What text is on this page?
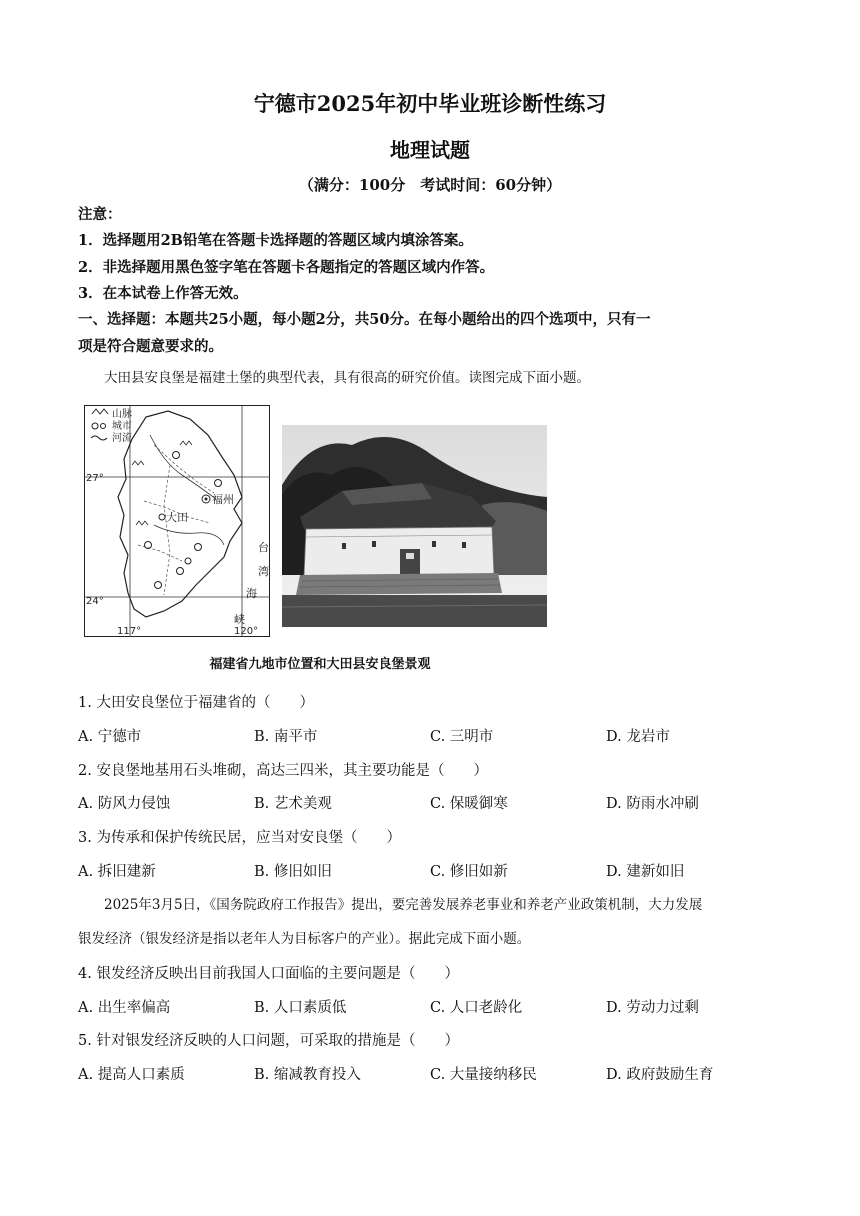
宁德市2025年初中毕业班诊断性练习
地理试题
（满分：100分　考试时间：60分钟）
注意：
1．选择题用2B铅笔在答题卡选择题的答题区域内填涂答案。
2．非选择题用黑色签字笔在答题卡各题指定的答题区域内作答。
3．在本试卷上作答无效。
一、选择题：本题共25小题，每小题2分，共50分。在每小题给出的四个选项中，只有一
项是符合题意要求的。
大田县安良堡是福建土堡的典型代表，具有很高的研究价值。读图完成下面小题。
山脉
城市
河流
27°
24°
117°	120°
福州
大田
台
湾
海
峡
福建省九地市位置和大田县安良堡景观
1. 大田安良堡位于福建省的（　　）
A. 宁德市	B. 南平市	C. 三明市	D. 龙岩市
2. 安良堡地基用石头堆砌，高达三四米，其主要功能是（　　）
A. 防风力侵蚀	B. 艺术美观	C. 保暖御寒	D. 防雨水冲刷
3. 为传承和保护传统民居，应当对安良堡（　　）
A. 拆旧建新	B. 修旧如旧	C. 修旧如新	D. 建新如旧
2025年3月5日，《国务院政府工作报告》提出，要完善发展养老事业和养老产业政策机制，大力发展
银发经济（银发经济是指以老年人为目标客户的产业）。据此完成下面小题。
4. 银发经济反映出目前我国人口面临的主要问题是（　　）
A. 出生率偏高	B. 人口素质低	C. 人口老龄化	D. 劳动力过剩
5. 针对银发经济反映的人口问题，可采取的措施是（　　）
A. 提高人口素质	B. 缩减教育投入	C. 大量接纳移民	D. 政府鼓励生育
